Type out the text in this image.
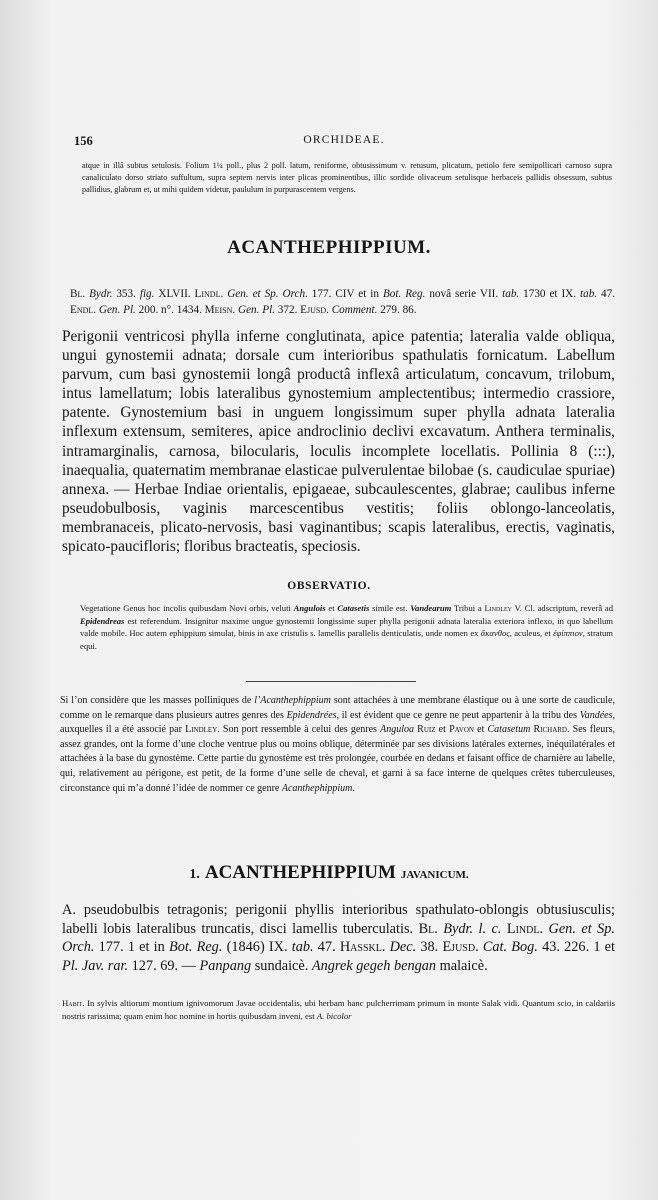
156	ORCHIDEAE.
atque in illâ subtus setulosis. Folium 1¼ poll., plus 2 poll. latum, reniforme, obtusissimum v. retusum, plicatum, petiolo fere semipollicari carnoso supra canaliculato dorso striato suffultum, supra septem nervis inter plicas prominentibus, illic sordide olivaceum setulisque herbaceis pallidis obsessum, subtus pallidius, glabrum et, ut mihi quidem videtur, paululum in purpurascentem vergens.
ACANTHEPHIPPIUM.
Bl. Bydr. 353. fig. XLVII. Lindl. Gen. et Sp. Orch. 177. CIV et in Bot. Reg. novâ serie VII. tab. 1730 et IX. tab. 47. Endl. Gen. Pl. 200. n°. 1434. Meisn. Gen. Pl. 372. Ejusd. Comment. 279. 86.
Perigonii ventricosi phylla inferne conglutinata, apice patentia; lateralia valde obliqua, ungui gynostemii adnata; dorsale cum interioribus spathulatis fornicatum. Labellum parvum, cum basi gynostemii longâ productâ inflexâ articulatum, concavum, trilobum, intus lamellatum; lobis lateralibus gynostemium amplectentibus; intermedio crassiore, patente. Gynostemium basi in unguem longissimum super phylla adnata lateralia inflexum extensum, semiteres, apice androclinio declivi excavatum. Anthera terminalis, intramarginalis, carnosa, bilocularis, loculis incomplete locellatis. Pollinia 8 (:::), inaequalia, quaternatim membranae elasticae pulverulentae bilobae (s. caudiculae spuriae) annexa. — Herbae Indiae orientalis, epigaeae, subcaulescentes, glabrae; caulibus inferne pseudobulbosis, vaginis marcescentibus vestitis; foliis oblongo-lanceolatis, membranaceis, plicato-nervosis, basi vaginantibus; scapis lateralibus, erectis, vaginatis, spicato-paucifloris; floribus bracteatis, speciosis.
OBSERVATIO.
Vegetatione Genus hoc incolis quibusdam Novi orbis, veluti Angulois et Catasetis simile est. Vandearum Tribui a Lindley V. Cl. adscriptum, reverâ ad Epidendreas est referendum. Insignitur maxime ungue gynostemii longissime super phylla perigonii adnata lateralia exteriora inflexo, in quo labellum valde mobile. Hoc autem ephippium simulat, binis in axe cristulis s. lamellis parallelis denticulatis, unde nomen ex ἄκανθος, aculeus, et ἐφίππιον, stratum equi.
Si l’on considère que les masses polliniques de l’Acanthephippium sont attachées à une membrane élastique ou à une sorte de caudicule, comme on le remarque dans plusieurs autres genres des Epidendrées, il est évident que ce genre ne peut appartenir à la tribu des Vandées, auxquelles il a été associé par Lindley. Son port ressemble à celui des genres Anguloa Ruiz et Pavon et Catasetum Richard. Ses fleurs, assez grandes, ont la forme d’une cloche ventrue plus ou moins oblique, déterminée par ses divisions latérales externes, inéquilatérales et attachées à la base du gynostème. Cette partie du gynostème est très prolongée, courbée en dedans et faisant office de charnière au labelle, qui, relativement au périgone, est petit, de la forme d’une selle de cheval, et garni à sa face interne de quelques crêtes tuberculeuses, circonstance qui m’a donné l’idée de nommer ce genre Acanthephippium.
1. ACANTHEPHIPPIUM JAVANICUM.
A. pseudobulbis tetragonis; perigonii phyllis interioribus spathulato-oblongis obtusiusculis; labelli lobis lateralibus truncatis, disci lamellis tuberculatis. Bl. Bydr. l. c. Lindl. Gen. et Sp. Orch. 177. 1 et in Bot. Reg. (1846) IX. tab. 47. Hasskl. Dec. 38. Ejusd. Cat. Bog. 43. 226. 1 et Pl. Jav. rar. 127. 69. — Panpang sundaicè. Angrek gegeh bengan malaicè.
Habit. In sylvis altiorum montium ignivomorum Javae occidentalis, ubi herbam hanc pulcherrimam primum in monte Salak vidi. Quantum scio, in caldariis nostris rarissima; quam enim hoc nomine in hortis quibusdam inveni, est A. bicolor
